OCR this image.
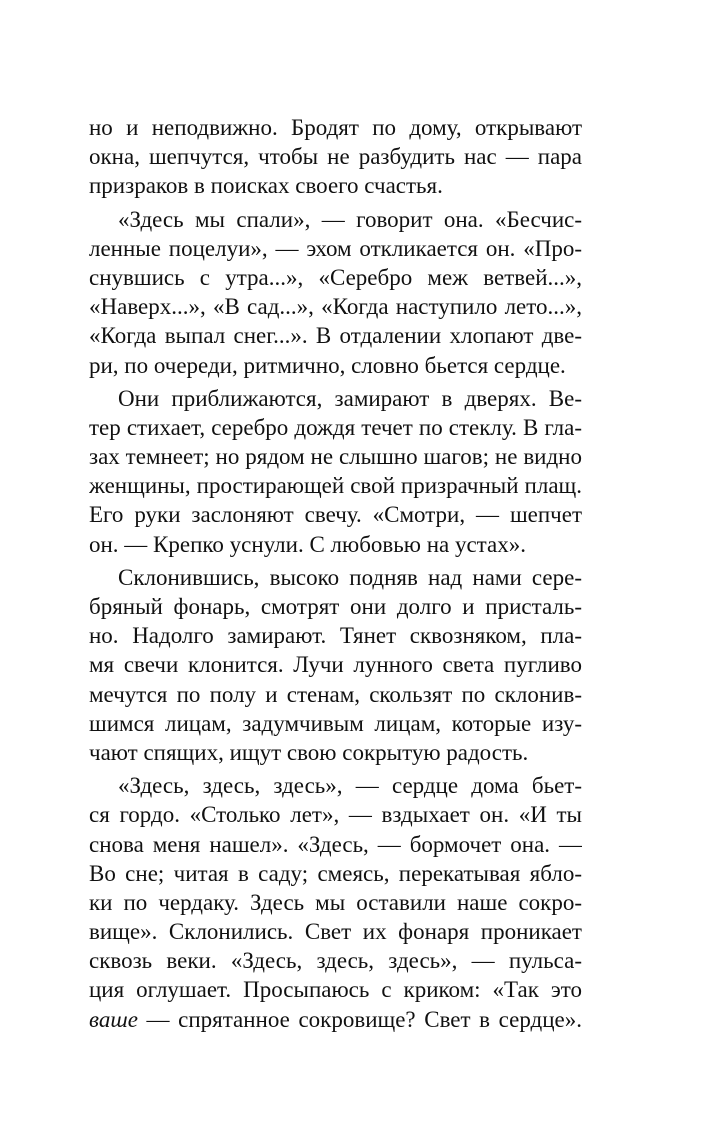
но и неподвижно. Бродят по дому, открывают
окна, шепчутся, чтобы не разбудить нас — пара
призраков в поисках своего счастья.
«Здесь мы спали», — говорит она. «Бесчис-
ленные поцелуи», — эхом откликается он. «Про-
снувшись с утра...», «Серебро меж ветвей...»,
«Наверх...», «В сад...», «Когда наступило лето...»,
«Когда выпал снег...». В отдалении хлопают две-
ри, по очереди, ритмично, словно бьется сердце.
Они приближаются, замирают в дверях. Ве-
тер стихает, серебро дождя течет по стеклу. В гла-
зах темнеет; но рядом не слышно шагов; не видно
женщины, простирающей свой призрачный плащ.
Его руки заслоняют свечу. «Смотри, — шепчет
он. — Крепко уснули. С любовью на устах».
Склонившись, высоко подняв над нами сере-
бряный фонарь, смотрят они долго и присталь-
но. Надолго замирают. Тянет сквозняком, пла-
мя свечи клонится. Лучи лунного света пугливо
мечутся по полу и стенам, скользят по склонив-
шимся лицам, задумчивым лицам, которые изу-
чают спящих, ищут свою сокрытую радость.
«Здесь, здесь, здесь», — сердце дома бьет-
ся гордо. «Столько лет», — вздыхает он. «И ты
снова меня нашел». «Здесь, — бормочет она. —
Во сне; читая в саду; смеясь, перекатывая ябло-
ки по чердаку. Здесь мы оставили наше сокро-
вище». Склонились. Свет их фонаря проникает
сквозь веки. «Здесь, здесь, здесь», — пульса-
ция оглушает. Просыпаюсь с криком: «Так это
ваше — спрятанное сокровище? Свет в сердце».
